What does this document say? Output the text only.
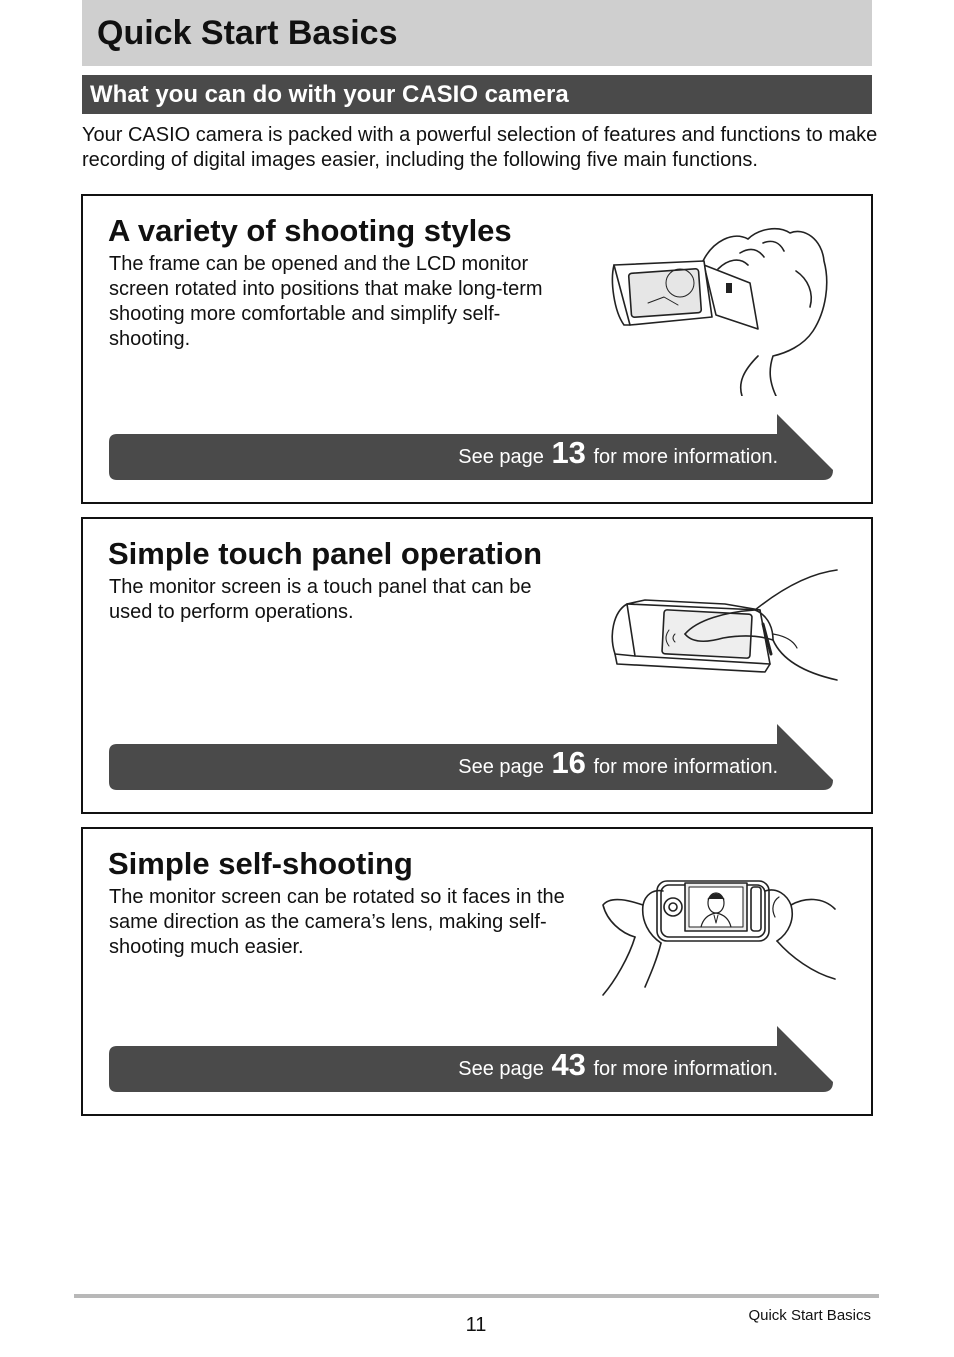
Quick Start Basics
What you can do with your CASIO camera

Your CASIO camera is packed with a powerful selection of features and functions to make recording of digital images easier, including the following five main functions.

A variety of shooting styles

The frame can be opened and the LCD monitor screen rotated into positions that make long-term shooting more comfortable and simplify self-shooting.

See page 13 for more information.
Simple touch panel operation

The monitor screen is a touch panel that can be used to perform operations.

See page 16 for more information.
Simple self-shooting

The monitor screen can be rotated so it faces in the same direction as the camera’s lens, making self-shooting much easier.

See page 43 for more information.
11	Quick Start Basics
